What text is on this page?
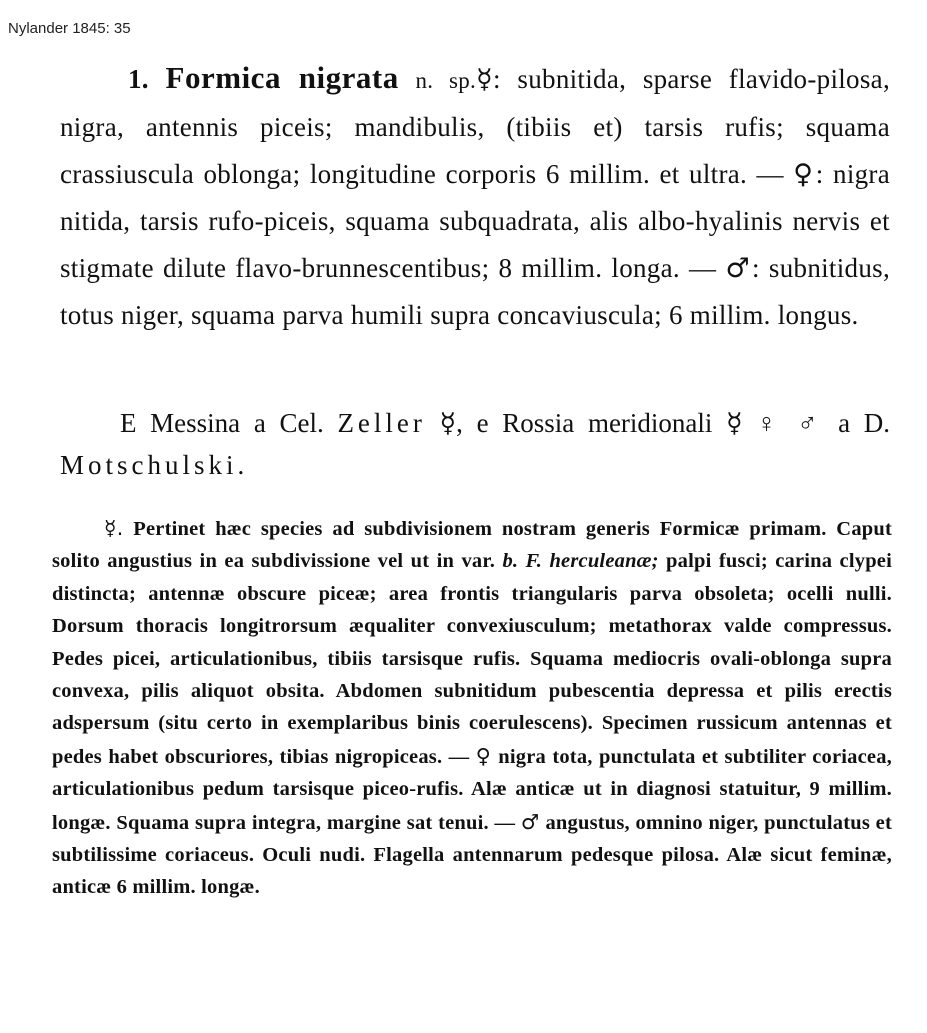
Nylander 1845: 35
1. Formica nigrata n. sp.☿: subnitida, sparse flavido-pilosa, nigra, antennis piceis; mandibulis, (tibiis et) tarsis rufis; squama crassiuscula oblonga; longitudine corporis 6 millim. et ultra. — ♀: nigra nitida, tarsis rufo-piceis, squama subquadrata, alis albo-hyalinis nervis et stigmate dilute flavo-brunnescentibus; 8 millim. longa. — ♂: subnitidus, totus niger, squama parva humili supra concaviuscula; 6 millim. longus.
E Messina a Cel. Zeller ☿, e Rossia meridionali ☿ ♀ ♂ a D. Motschulski.
☿. Pertinet hæc species ad subdivisionem nostram generis Formicæ primam. Caput solito angustius in ea subdivissione vel ut in var. b. F. herculeanæ; palpi fusci; carina clypei distincta; antennæ obscure piceæ; area frontis triangularis parva obsoleta; ocelli nulli. Dorsum thoracis longitrorsum æqualiter convexiusculum; metathorax valde compressus. Pedes picei, articulationibus, tibiis tarsisque rufis. Squama mediocris ovali-oblonga supra convexa, pilis aliquot obsita. Abdomen subnitidum pubescentia depressa et pilis erectis adspersum (situ certo in exemplaribus binis coerulescens). Specimen russicum antennas et pedes habet obscuriores, tibias nigropiceas. — ♀ nigra tota, punctulata et subtiliter coriacea, articulationibus pedum tarsisque piceo-rufis. Alæ anticæ ut in diagnosi statuitur, 9 millim. longæ. Squama supra integra, margine sat tenui. — ♂ angustus, omnino niger, punctulatus et subtilissime coriaceus. Oculi nudi. Flagella antennarum pedesque pilosa. Alæ sicut feminæ, anticæ 6 millim. longæ.
